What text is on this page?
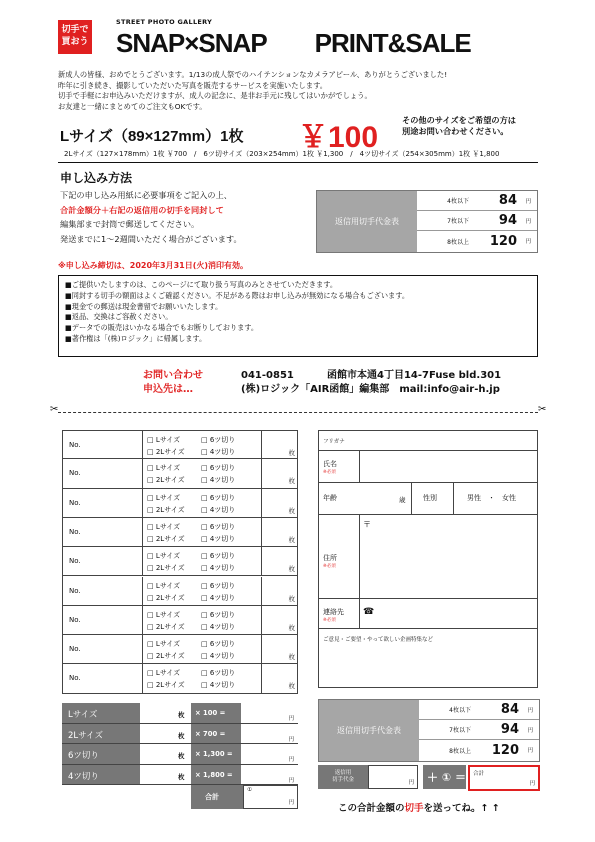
切手で
買おう
STREET PHOTO GALLERY
SNAP×SNAP PRINT&SALE
新成人の皆様、おめでとうございます。1/13の成人祭でのハイテンションなカメラアピール、ありがとうございました!
昨年に引き続き、撮影していただいた写真を販売するサービスを実施いたします。
切手で手軽にお申込みいただけますが、成人の記念に、是非お手元に残してはいかがでしょう。
お友達と一緒にまとめてのご注文もOKです。
Lサイズ（89×127mm）1枚 ￥100
その他のサイズをご希望の方は
別途お問い合わせください。
2Lサイズ（127×178mm）1枚 ￥700　/　6ツ切サイズ（203×254mm）1枚 ￥1,300　/　4ツ切サイズ（254×305mm）1枚 ￥1,800
申し込み方法
下記の申し込み用紙に必要事項をご記入の上、
合計金額分＋右記の返信用の切手を同封して
編集部まで封筒で郵送してください。
発送までに1～2週間いただく場合がございます。
返信用切手代金表
4枚以下	84	円
7枚以下	94	円
8枚以上	120	円
※申し込み締切は、2020年3月31日(火)消印有効。
■ ご提供いたしますのは、このページにて取り扱う写真のみとさせていただきます。
■ 同封する切手の額面はよくご確認ください。不足がある際はお申し込みが無効になる場合もございます。
■ 現金での郵送は現金書留でお願いいたします。
■ 返品、交換はご容赦ください。
■ データでの販売はいかなる場合でもお断りしております。
■ 著作権は「(株)ロジック」に帰属します。
お問い合わせ	041-0851	函館市本通4丁目14-7Fuse bld.301
申込先は…	(株)ロジック「AIR函館」編集部 mail:info@air-h.jp
✂	✂
No.
□ Lサイズ	□ 6ツ切り
□ 2Lサイズ □ 4ツ切り	枚
No.
□ Lサイズ	□ 6ツ切り
□ 2Lサイズ □ 4ツ切り	枚
No.
□ Lサイズ	□ 6ツ切り
□ 2Lサイズ □ 4ツ切り	枚
No.
□ Lサイズ	□ 6ツ切り
□ 2Lサイズ □ 4ツ切り	枚
No.
□ Lサイズ	□ 6ツ切り
□ 2Lサイズ □ 4ツ切り	枚
No.
□ Lサイズ	□ 6ツ切り
□ 2Lサイズ □ 4ツ切り	枚
No.
□ Lサイズ	□ 6ツ切り
□ 2Lサイズ □ 4ツ切り	枚
No.
□ Lサイズ	□ 6ツ切り
□ 2Lサイズ □ 4ツ切り	枚
No.
□ Lサイズ	□ 6ツ切り
□ 2Lサイズ □ 4ツ切り	枚
フリガナ
氏名
※必須
年齢	歳	性別	男性　・　女性
〒
住所
※必須
連絡先
※必須
☎
ご意見・ご要望・やって欲しい企画特集など
Lサイズ	枚	× 100 =
円
2Lサイズ	枚	× 700 =
円
6ツ切り	枚	× 1,300 =
円
4ツ切り	枚	× 1,800 =
円
合計
①
円
返信用切手代金表
4枚以下	84	円
7枚以下	94	円
8枚以上	120	円
返信用
切手代金	円	＋ ① ＝ 合計
円
この合計金額の切手を送ってね。↑ ↑
